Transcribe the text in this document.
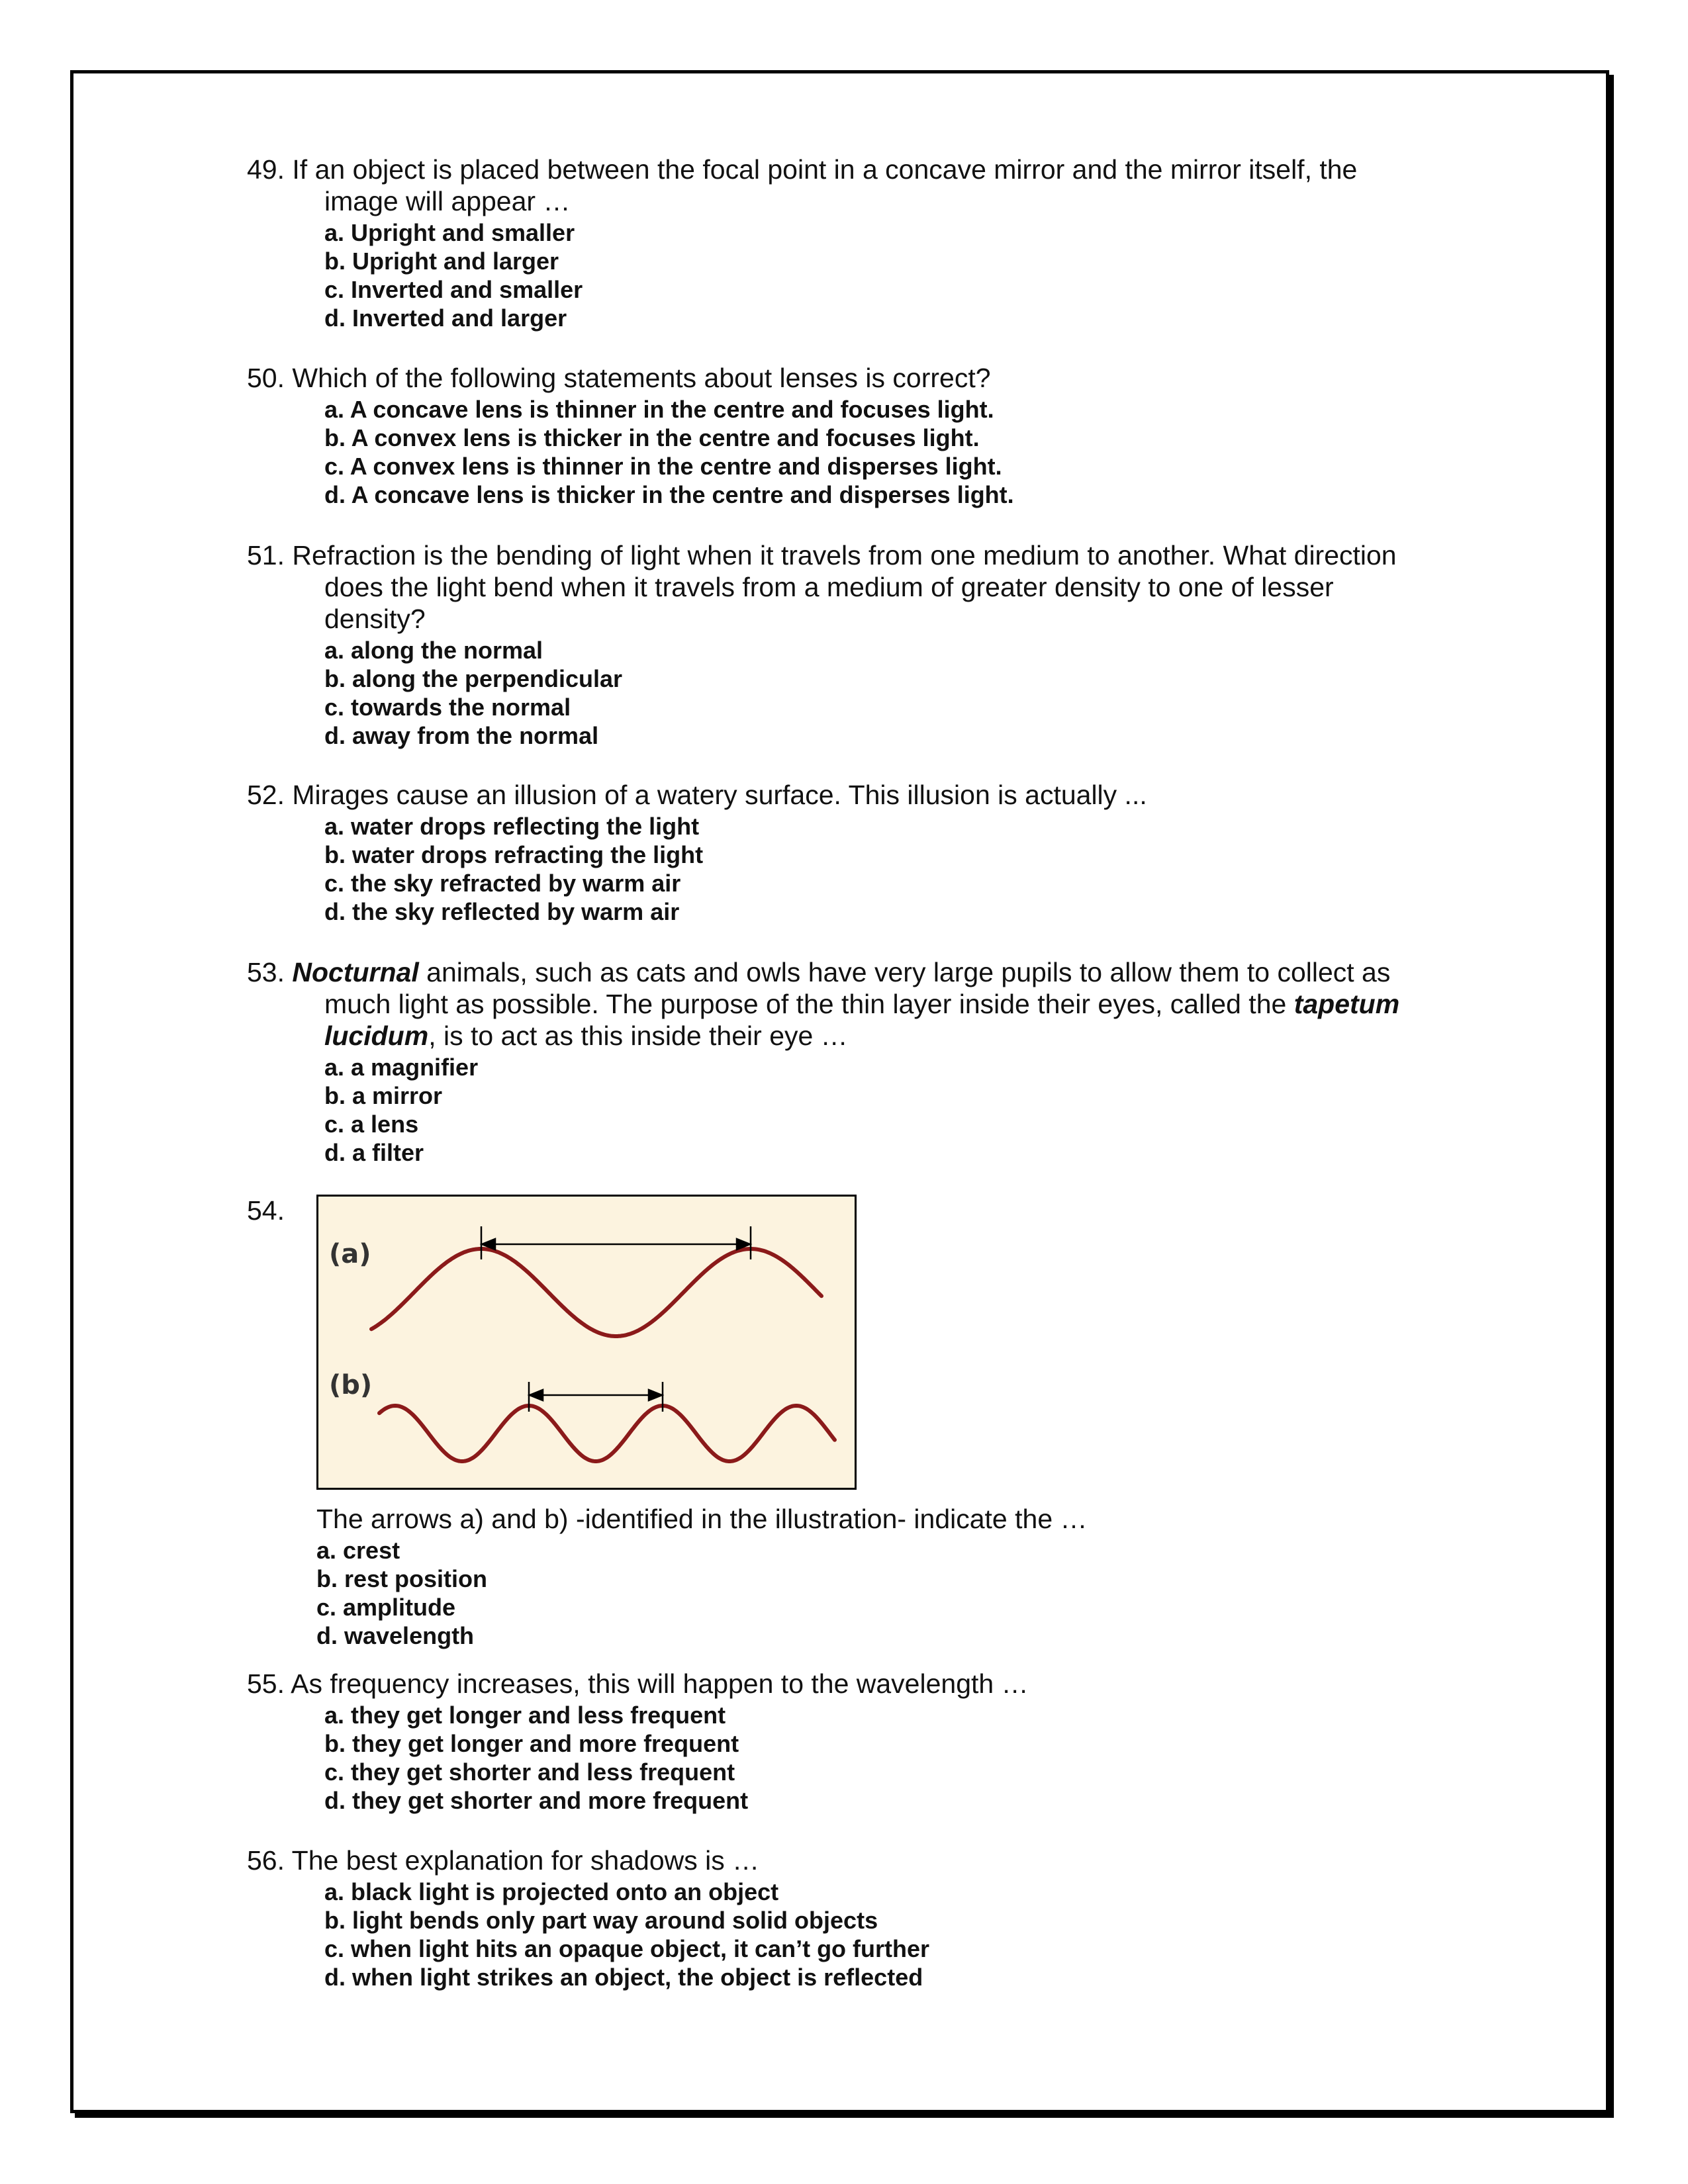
49. If an object is placed between the focal point in a concave mirror and the mirror itself, the
image will appear …
a. Upright and smaller
b. Upright and larger
c. Inverted and smaller
d. Inverted and larger
50. Which of the following statements about lenses is correct?
a. A concave lens is thinner in the centre and focuses light.
b. A convex lens is thicker in the centre and focuses light.
c. A convex lens is thinner in the centre and disperses light.
d. A concave lens is thicker in the centre and disperses light.
51. Refraction is the bending of light when it travels from one medium to another. What direction
does the light bend when it travels from a medium of greater density to one of lesser
density?
a. along the normal
b. along the perpendicular
c. towards the normal
d. away from the normal
52. Mirages cause an illusion of a watery surface. This illusion is actually ...
a. water drops reflecting the light
b. water drops refracting the light
c. the sky refracted by warm air
d. the sky reflected by warm air
53. Nocturnal animals, such as cats and owls have very large pupils to allow them to collect as
much light as possible. The purpose of the thin layer inside their eyes, called the tapetum
lucidum, is to act as this inside their eye …
a. a magnifier
b. a mirror
c. a lens
d. a filter
54.
(a)
(b)
The arrows a) and b) -identified in the illustration- indicate the …
a. crest
b. rest position
c. amplitude
d. wavelength
55. As frequency increases, this will happen to the wavelength …
a. they get longer and less frequent
b. they get longer and more frequent
c. they get shorter and less frequent
d. they get shorter and more frequent
56. The best explanation for shadows is …
a. black light is projected onto an object
b. light bends only part way around solid objects
c. when light hits an opaque object, it can’t go further
d. when light strikes an object, the object is reflected
